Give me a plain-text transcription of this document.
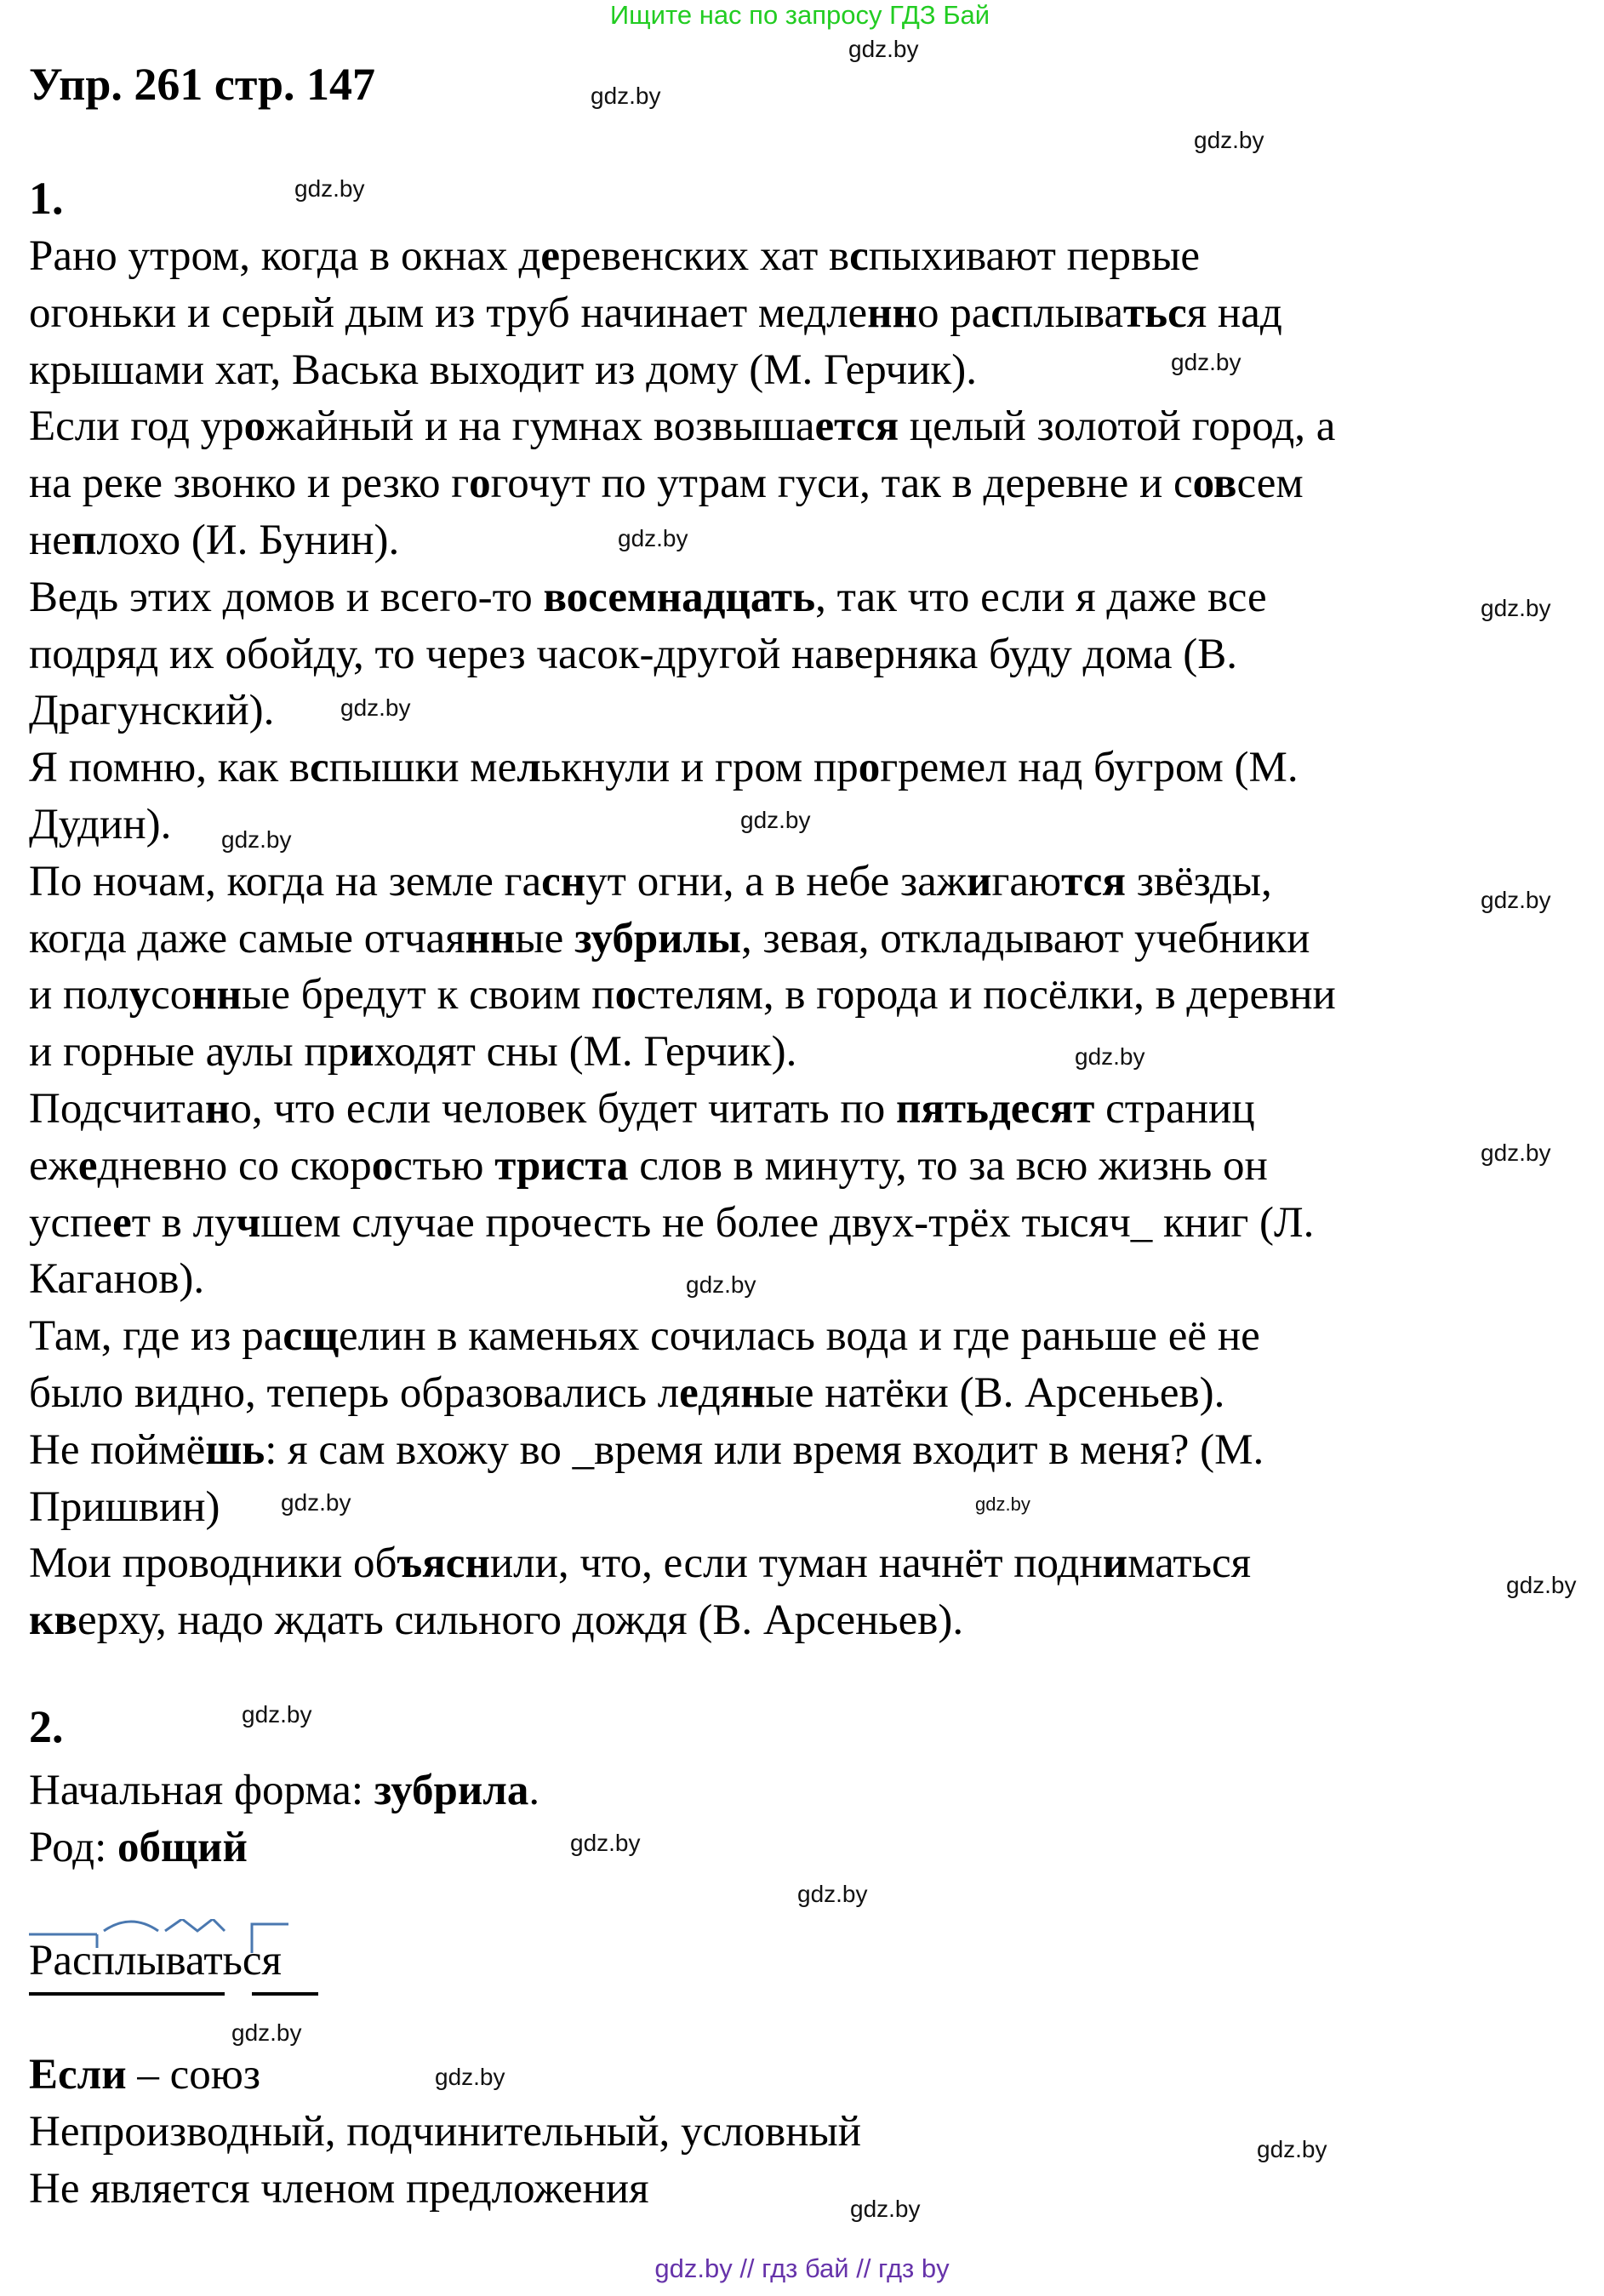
Ищите нас по запросу ГДЗ Бай
Упр. 261 стр. 147
1.
Рано утром, когда в окнах деревенских хат вспыхивают первые
огоньки и серый дым из труб начинает медленно расплываться над
крышами хат, Васька выходит из дому (М. Герчик).
Если год урожайный и на гумнах возвышается целый золотой город, а
на реке звонко и резко гогочут по утрам гуси, так в деревне и совсем
неплохо (И. Бунин).
Ведь этих домов и всего-то восемнадцать, так что если я даже все
подряд их обойду, то через часок-другой наверняка буду дома (В.
Драгунский).
Я помню, как вспышки мелькнули и гром прогремел над бугром (М.
Дудин).
По ночам, когда на земле гаснут огни, а в небе зажигаются звёзды,
когда даже самые отчаянные зубрилы, зевая, откладывают учебники
и полусонные бредут к своим постелям, в города и посёлки, в деревни
и горные аулы приходят сны (М. Герчик).
Подсчитано, что если человек будет читать по пятьдесят страниц
ежедневно со скоростью триста слов в минуту, то за всю жизнь он
успеет в лучшем случае прочесть не более двух-трёх тысяч_ книг (Л.
Каганов).
Там, где из расщелин в каменьях сочилась вода и где раньше её не
было видно, теперь образовались ледяные натёки (В. Арсеньев).
Не поймёшь: я сам вхожу во _время или время входит в меня? (М.
Пришвин)
Мои проводники объяснили, что, если туман начнёт подниматься
кверху, надо ждать сильного дождя (В. Арсеньев).
2.
Начальная форма: зубрила.
Род: общий
Расплываться
Если – союз
Непроизводный, подчинительный, условный
Не является членом предложения
gdz.by // гдз бай // гдз by
gdz.by
gdz.by
gdz.by
gdz.by
gdz.by
gdz.by
gdz.by
gdz.by
gdz.by
gdz.by
gdz.by
gdz.by
gdz.by
gdz.by
gdz.by	gdz.by
gdz.by
gdz.by
gdz.by
gdz.by
gdz.by
gdz.by
gdz.by
gdz.by
